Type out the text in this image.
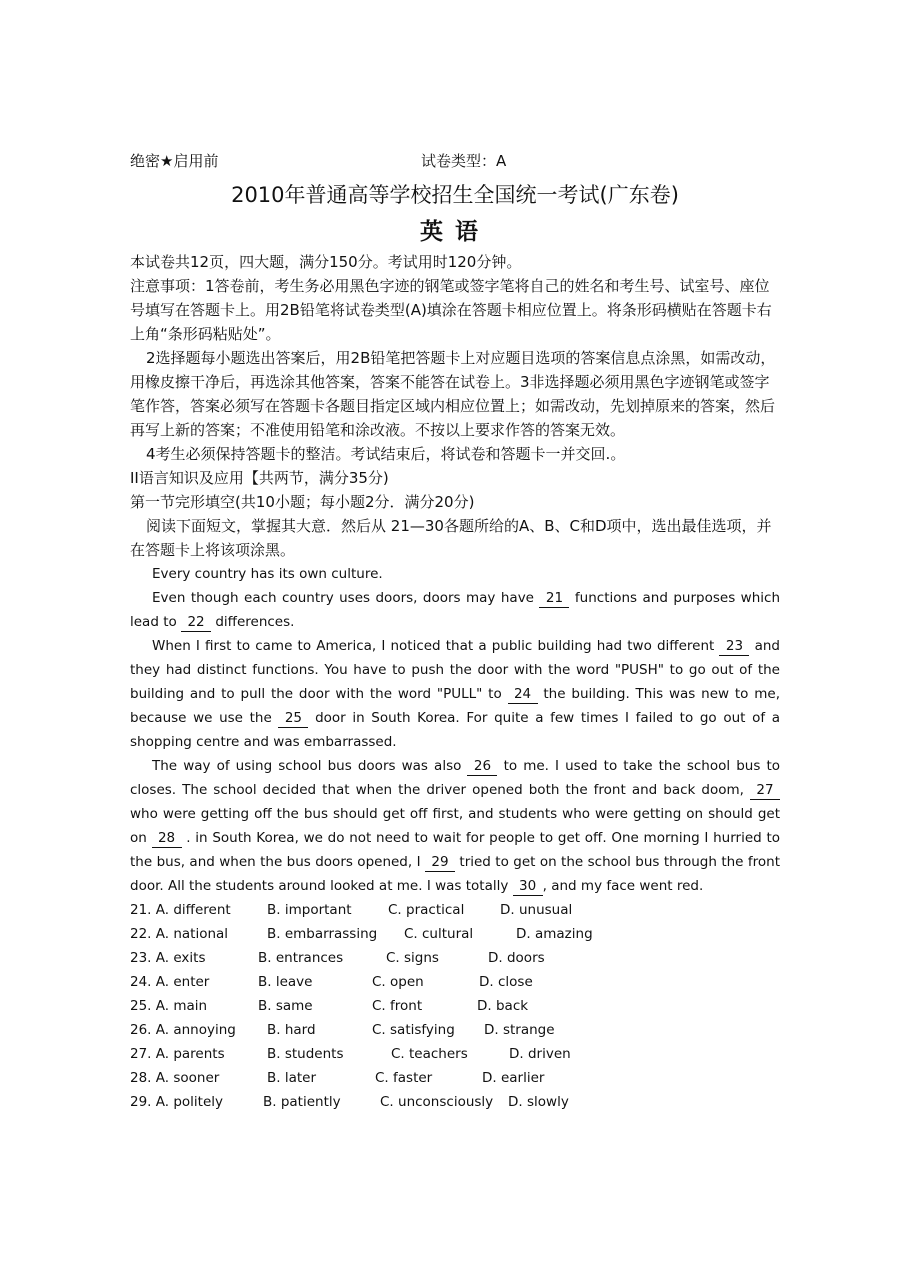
绝密★启用前	试卷类型：A
2010年普通高等学校招生全国统一考试(广东卷)
英语

本试卷共12页，四大题，满分150分。考试用时120分钟。

注意事项：1答卷前，考生务必用黑色字迹的钢笔或签字笔将自己的姓名和考生号、试室号、座位号填写在答题卡上。用2B铅笔将试卷类型(A)填涂在答题卡相应位置上。将条形码横贴在答题卡右上角“条形码粘贴处”。

2选择题每小题选出答案后，用2B铅笔把答题卡上对应题目选项的答案信息点涂黑，如需改动，用橡皮擦干净后，再选涂其他答案，答案不能答在试卷上。3非选择题必须用黑色字迹钢笔或签字笔作答，答案必须写在答题卡各题目指定区域内相应位置上；如需改动，先划掉原来的答案，然后再写上新的答案；不准使用铅笔和涂改液。不按以上要求作答的答案无效。

4考生必须保持答题卡的整洁。考试结束后，将试卷和答题卡一并交回.。

II语言知识及应用【共两节，满分35分)

第一节完形填空(共10小题；每小题2分．满分20分)

阅读下面短文，掌握其大意．然后从 21—30各题所给的A、B、C和D项中，选出最佳选项，并在答题卡上将该项涂黑。

Every country has its own culture.

Even though each country uses doors, doors may have 21 functions and purposes which lead to 22 differences.

When I first to came to America, I noticed that a public building had two different 23 and they had distinct functions. You have to push the door with the word "PUSH" to go out of the building and to pull the door with the word "PULL" to 24 the building. This was new to me, because we use the 25 door in South Korea. For quite a few times I failed to go out of a shopping centre and was embarrassed.

The way of using school bus doors was also 26 to me. I used to take the school bus to closes. The school decided that when the driver opened both the front and back doom, 27 who were getting off the bus should get off first, and students who were getting on should get on 28 . in South Korea, we do not need to wait for people to get off. One morning I hurried to the bus, and when the bus doors opened, I 29 tried to get on the school bus through the front door. All the students around looked at me. I was totally 30 , and my face went red.

21. A. different	B. important	C. practical	D. unusual
22. A. national	B. embarrassing C. cultural	D. amazing
23. A. exits	B. entrances	C. signs	D. doors
24. A. enter	B. leave	C. open	D. close
25. A. main	B. same	C. front	D. back
26. A. annoying B. hard	C. satisfying D. strange
27. A. parents	B. students	C. teachers	D. driven
28. A. sooner	B. later	C. faster	D. earlier
29. A. politely	B. patiently	C. unconsciously D. slowly
